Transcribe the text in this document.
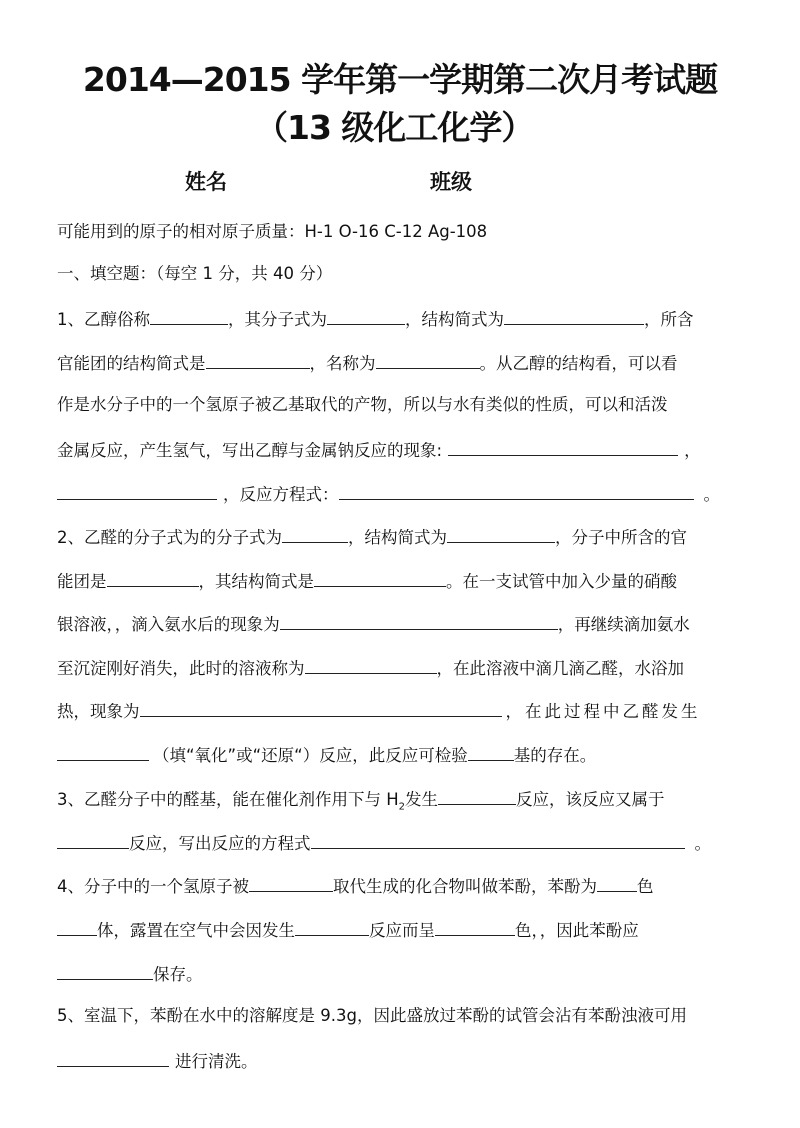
2014—2015 学年第一学期第二次月考试题
（13 级化工化学）
姓名	班级
可能用到的原子的相对原子质量：H-1 O-16 C-12 Ag-108
一、填空题：（每空 1 分，共 40 分）
1、乙醇俗称	，其分子式为	，结构简式为	，所含
官能团的结构简式是	，名称为	。从乙醇的结构看，可以看
作是水分子中的一个氢原子被乙基取代的产物，所以与水有类似的性质，可以和活泼
金属反应，产生氢气，写出乙醇与金属钠反应的现象:	，
，反应方程式：	。
2、乙醛的分子式为的分子式为	，结构简式为	，分子中所含的官
能团是	，其结构简式是	。在一支试管中加入少量的硝酸
银溶液，，滴入氨水后的现象为	，再继续滴加氨水
至沉淀刚好消失，此时的溶液称为	，在此溶液中滴几滴乙醛，水浴加
热，现象为	，在此过程中乙醛发生
（填“氧化”或“还原“）反应，此反应可检验	基的存在。
3、乙醛分子中的醛基，能在催化剂作用下与 $H_2$发生	反应，该反应又属于
反应，写出反应的方程式	。
4、分子中的一个氢原子被	取代生成的化合物叫做苯酚，苯酚为 色
体，露置在空气中会因发生	反应而呈	色，，因此苯酚应
保存。
5、室温下，苯酚在水中的溶解度是 9.3g，因此盛放过苯酚的试管会沾有苯酚浊液可用
进行清洗。
